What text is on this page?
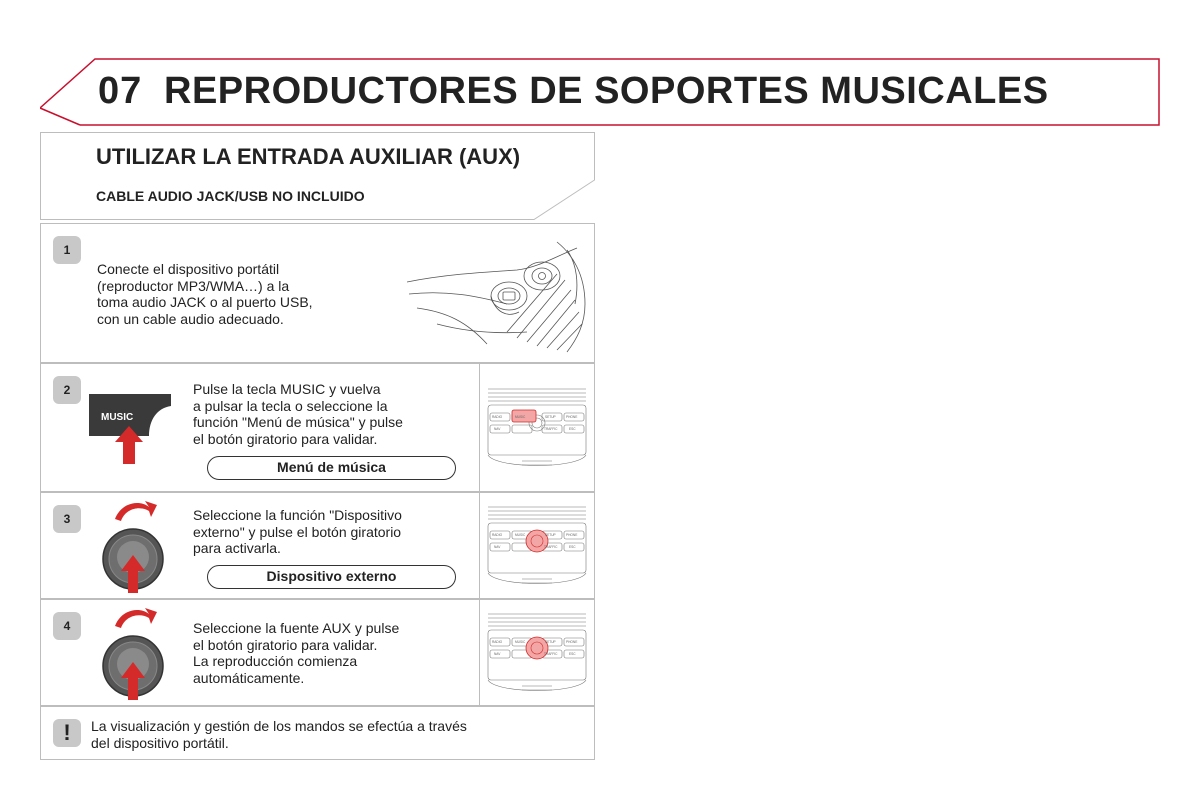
07 REPRODUCTORES DE SOPORTES MUSICALES
UTILIZAR LA ENTRADA AUXILIAR (AUX)
CABLE AUDIO JACK/USB NO INCLUIDO
1
Conecte el dispositivo portátil
(reproductor MP3/WMA…) a la
toma audio JACK o al puerto USB,
con un cable audio adecuado.
2
MUSIC
Pulse la tecla MUSIC y vuelva
a pulsar la tecla o seleccione la
función "Menú de música" y pulse
el botón giratorio para validar.
Menú de música
RADIO	MUSIC	SETUP	PHONE
NAV	TRAFFIC	ESC
3	Seleccione la función "Dispositivo
externo" y pulse el botón giratorio
para activarla.
Dispositivo externo
RADIO	MUSIC	SETUP	PHONE
NAV	TRAFFIC	ESC
4	Seleccione la fuente AUX y pulse
el botón giratorio para validar.
La reproducción comienza
automáticamente.
RADIO	MUSIC	SETUP	PHONE
NAV	TRAFFIC	ESC
!	La visualización y gestión de los mandos se efectúa a través
del dispositivo portátil.
